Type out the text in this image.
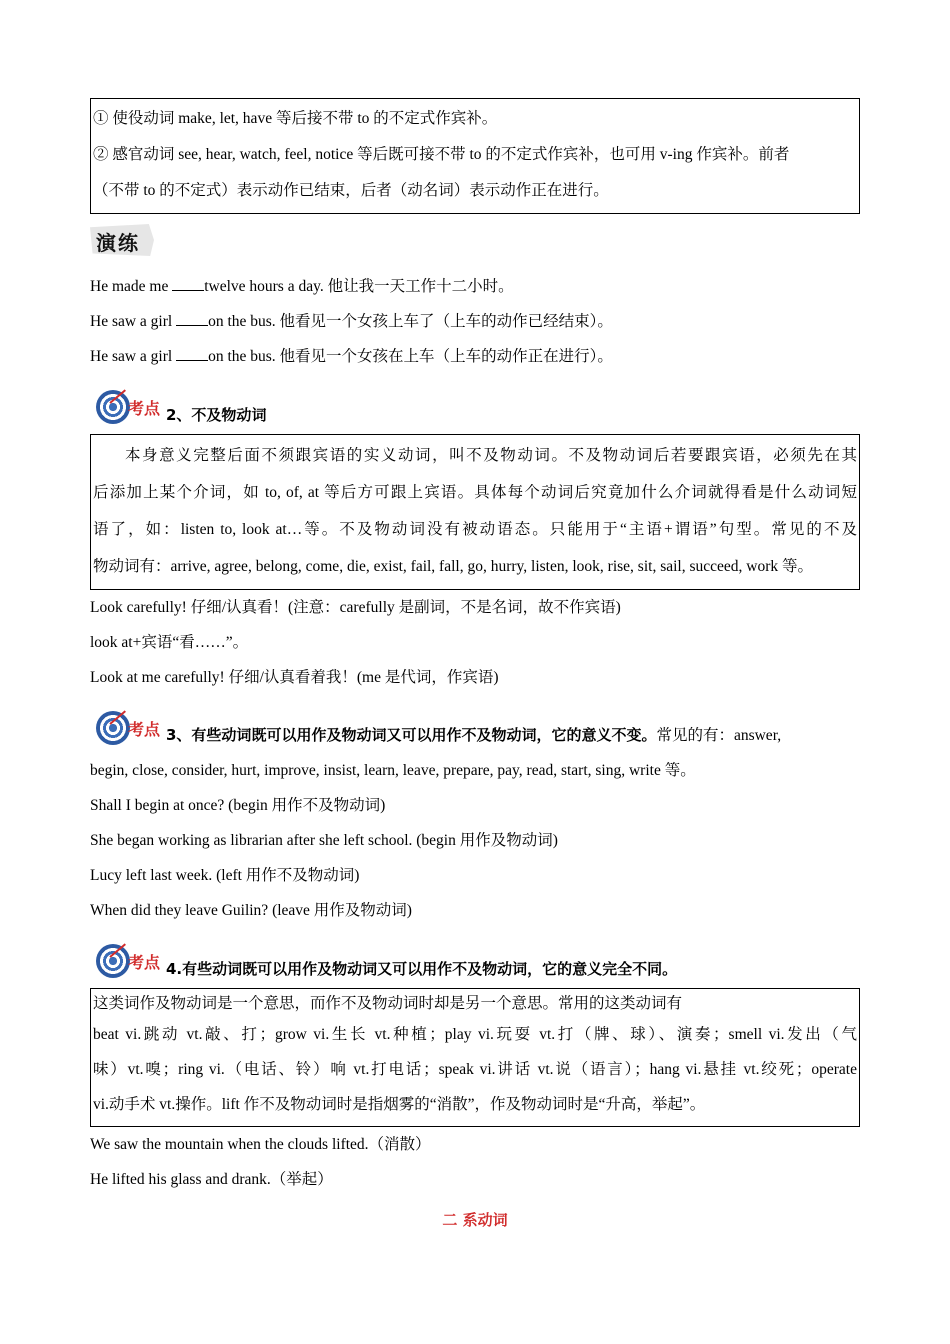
① 使役动词 make, let, have 等后接不带 to 的不定式作宾补。

② 感官动词 see, hear, watch, feel, notice 等后既可接不带 to 的不定式作宾补，也可用 v-ing 作宾补。前者

（不带 to 的不定式）表示动作已结束，后者（动名词）表示动作正在进行。

演练

He made me twelve hours a day. 他让我一天工作十二小时。

He saw a girl on the bus. 他看见一个女孩上车了（上车的动作已经结束）。

He saw a girl on the bus. 他看见一个女孩在上车（上车的动作正在进行）。

考点 2、不及物动词

本身意义完整后面不须跟宾语的实义动词，叫不及物动词。不及物动词后若要跟宾语，必须先在其

后添加上某个介词，如 to, of, at 等后方可跟上宾语。具体每个动词后究竟加什么介词就得看是什么动词短

语了，如：listen to, look at…等。不及物动词没有被动语态。只能用于“主语+谓语”句型。常见的不及

物动词有：arrive, agree, belong, come, die, exist, fail, fall, go, hurry, listen, look, rise, sit, sail, succeed, work 等。

Look carefully! 仔细/认真看！(注意：carefully 是副词，不是名词，故不作宾语)

look at+宾语“看……”。

Look at me carefully! 仔细/认真看着我！(me 是代词，作宾语)

考点 3、有些动词既可以用作及物动词又可以用作不及物动词，它的意义不变。常见的有：answer,

begin, close, consider, hurt, improve, insist, learn, leave, prepare, pay, read, start, sing, write 等。

Shall I begin at once? (begin 用作不及物动词)

She began working as librarian after she left school. (begin 用作及物动词)

Lucy left last week. (left 用作不及物动词)

When did they leave Guilin? (leave 用作及物动词)

考点 4.有些动词既可以用作及物动词又可以用作不及物动词，它的意义完全不同。

这类词作及物动词是一个意思，而作不及物动词时却是另一个意思。常用的这类动词有

beat vi.跳动 vt.敲、打；grow vi.生长 vt.种植；play vi.玩耍 vt.打（牌、球）、演奏；smell vi.发出（气

味）vt.嗅；ring vi.（电话、铃）响 vt.打电话；speak vi.讲话 vt.说（语言）；hang vi.悬挂 vt.绞死；operate

vi.动手术 vt.操作。lift 作不及物动词时是指烟雾的“消散”，作及物动词时是“升高，举起”。

We saw the mountain when the clouds lifted.（消散）

He lifted his glass and drank.（举起）

二 系动词
